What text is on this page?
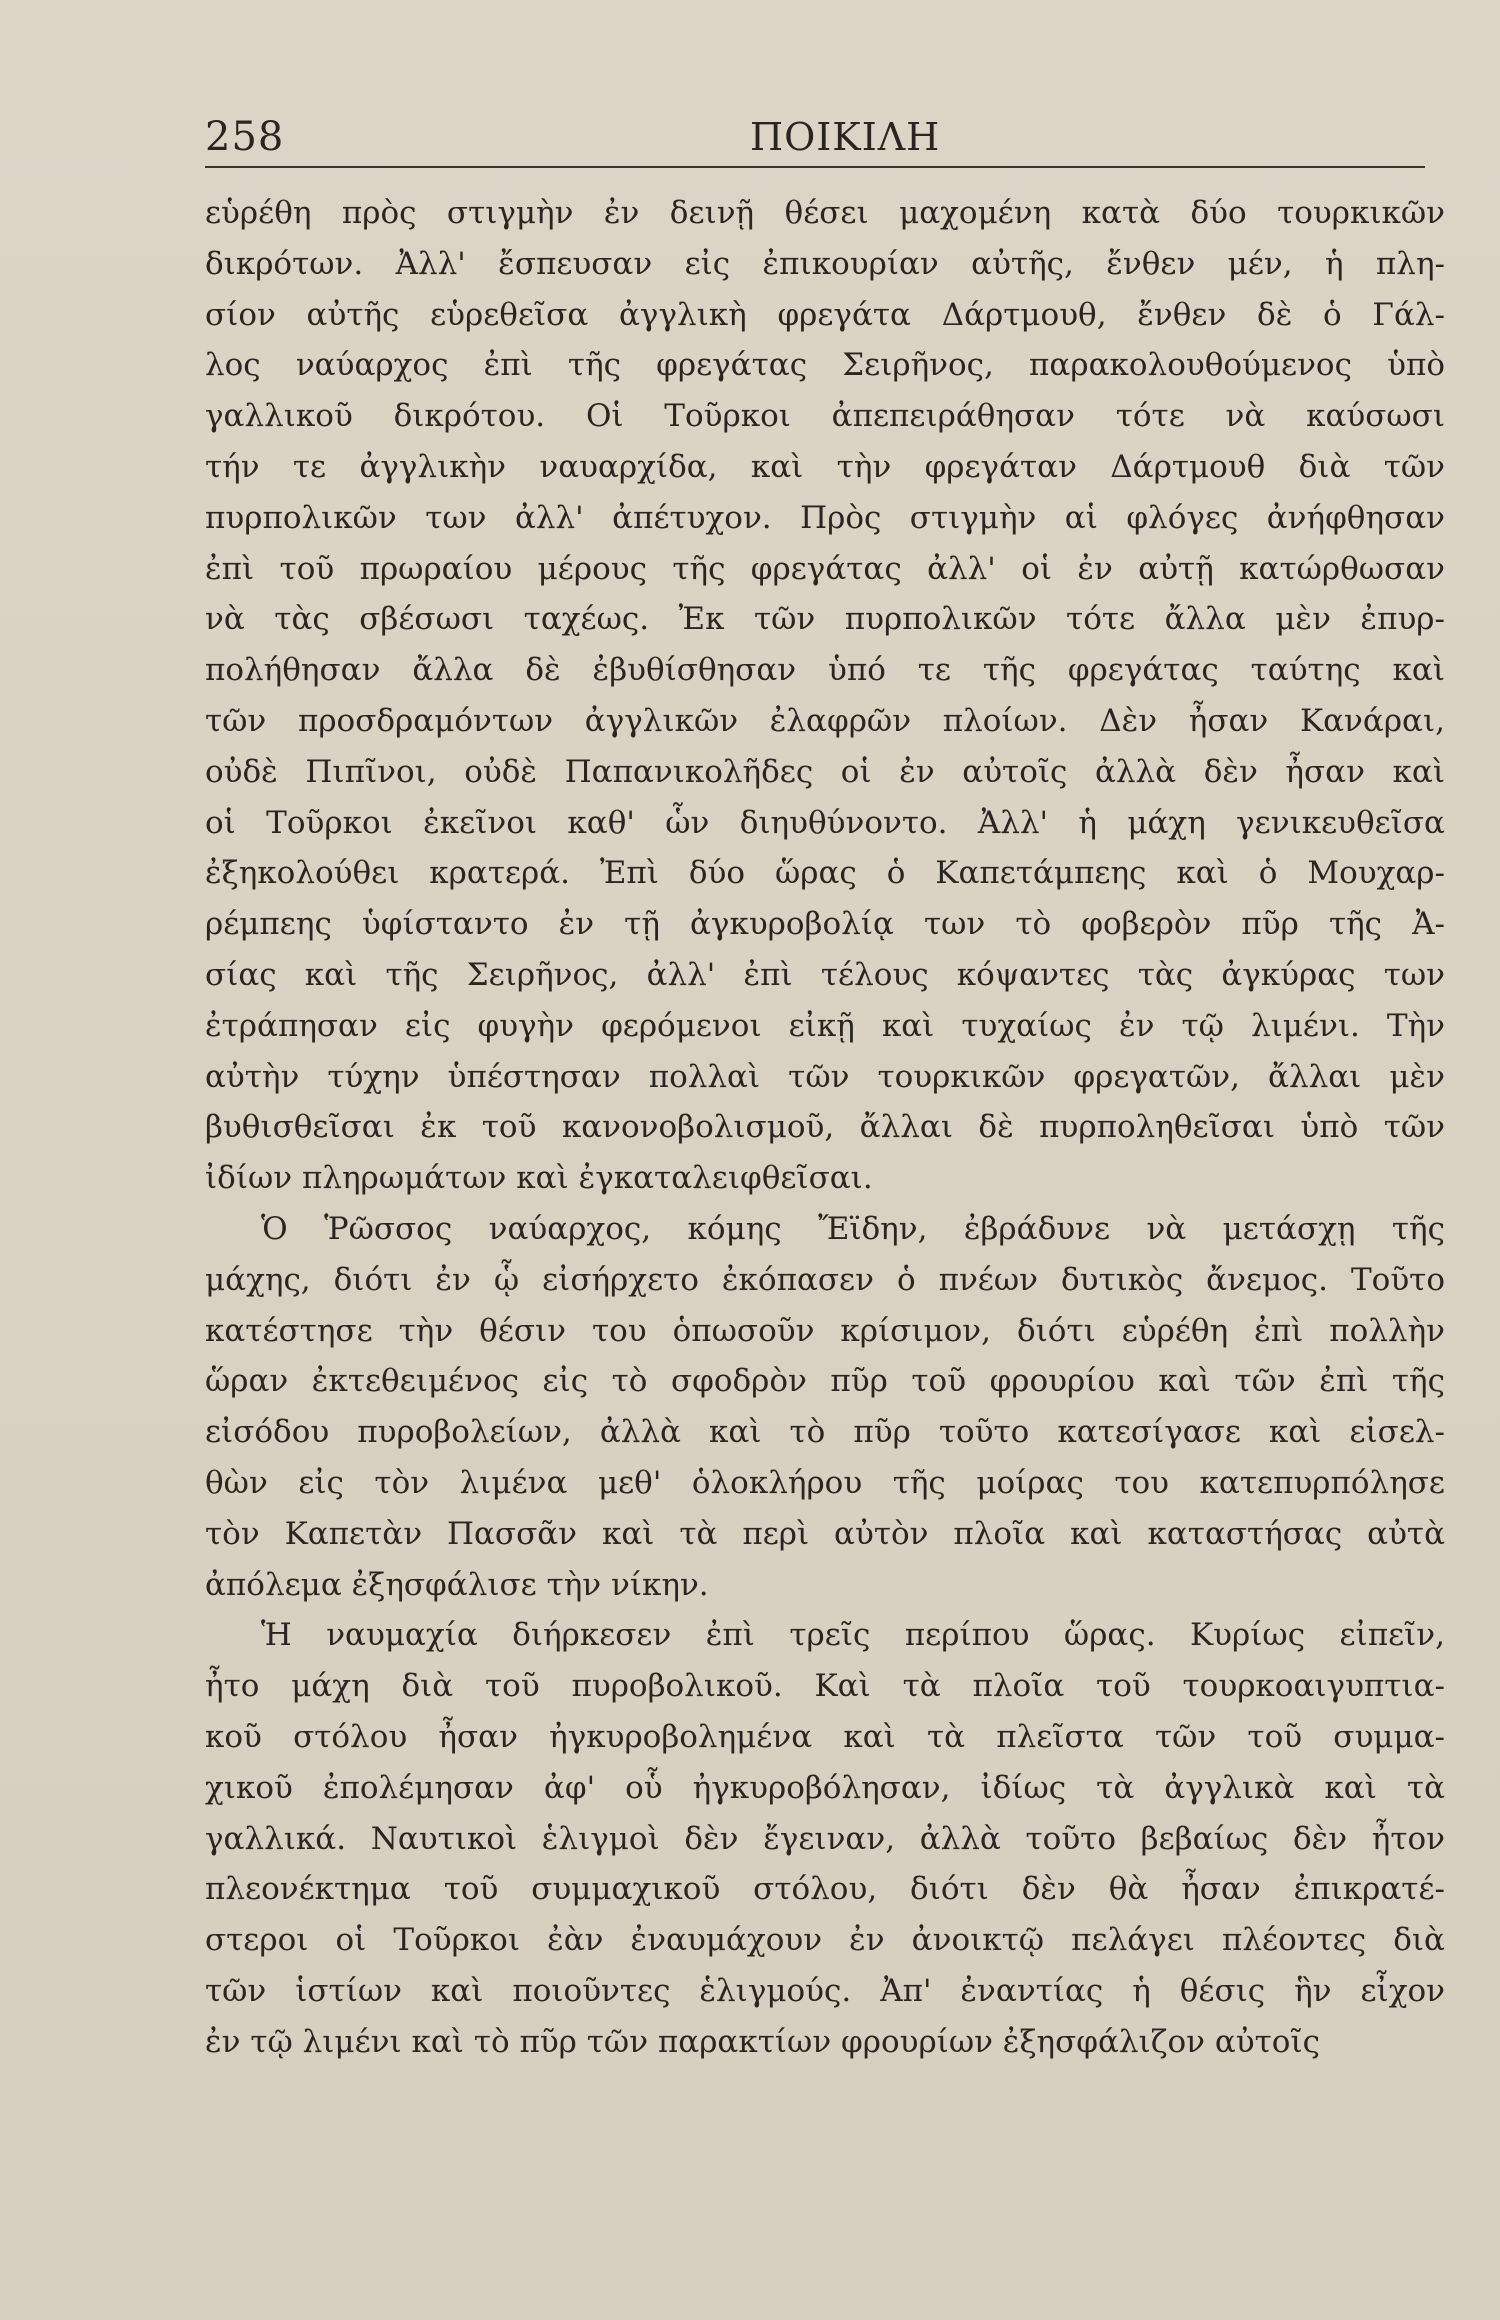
258	ΠΟΙΚΙΛΗ
εὑρέθη πρὸς στιγμὴν ἐν δεινῇ θέσει μαχομένη κατὰ δύο τουρκικῶν
δικρότων. Ἀλλ' ἔσπευσαν εἰς ἐπικουρίαν αὐτῆς, ἔνθεν μέν, ἡ πλη-
σίον αὐτῆς εὑρεθεῖσα ἀγγλικὴ φρεγάτα Δάρτμουθ, ἔνθεν δὲ ὁ Γάλ-
λος ναύαρχος ἐπὶ τῆς φρεγάτας Σειρῆνος, παρακολουθούμενος ὑπὸ
γαλλικοῦ δικρότου. Οἱ Τοῦρκοι ἀπεπειράθησαν τότε νὰ καύσωσι
τήν τε ἀγγλικὴν ναυαρχίδα, καὶ τὴν φρεγάταν Δάρτμουθ διὰ τῶν
πυρπολικῶν των ἀλλ' ἀπέτυχον. Πρὸς στιγμὴν αἱ φλόγες ἀνήφθησαν
ἐπὶ τοῦ πρωραίου μέρους τῆς φρεγάτας ἀλλ' οἱ ἐν αὐτῇ κατώρθωσαν
νὰ τὰς σβέσωσι ταχέως. Ἐκ τῶν πυρπολικῶν τότε ἄλλα μὲν ἐπυρ-
πολήθησαν ἄλλα δὲ ἐβυθίσθησαν ὑπό τε τῆς φρεγάτας ταύτης καὶ
τῶν προσδραμόντων ἀγγλικῶν ἐλαφρῶν πλοίων. Δὲν ἦσαν Κανάραι,
οὐδὲ Πιπῖνοι, οὐδὲ Παπανικολῆδες οἱ ἐν αὐτοῖς ἀλλὰ δὲν ἦσαν καὶ
οἱ Τοῦρκοι ἐκεῖνοι καθ' ὧν διηυθύνοντο. Ἀλλ' ἡ μάχη γενικευθεῖσα
ἐξηκολούθει κρατερά. Ἐπὶ δύο ὥρας ὁ Καπετάμπεης καὶ ὁ Μουχαρ-
ρέμπεης ὑφίσταντο ἐν τῇ ἀγκυροβολίᾳ των τὸ φοβερὸν πῦρ τῆς Ἀ-
σίας καὶ τῆς Σειρῆνος, ἀλλ' ἐπὶ τέλους κόψαντες τὰς ἀγκύρας των
ἐτράπησαν εἰς φυγὴν φερόμενοι εἰκῇ καὶ τυχαίως ἐν τῷ λιμένι. Τὴν
αὐτὴν τύχην ὑπέστησαν πολλαὶ τῶν τουρκικῶν φρεγατῶν, ἄλλαι μὲν
βυθισθεῖσαι ἐκ τοῦ κανονοβολισμοῦ, ἄλλαι δὲ πυρποληθεῖσαι ὑπὸ τῶν
ἰδίων πληρωμάτων καὶ ἐγκαταλειφθεῖσαι.
Ὁ Ῥῶσσος ναύαρχος, κόμης Ἔϊδην, ἐβράδυνε νὰ μετάσχῃ τῆς
μάχης, διότι ἐν ᾧ εἰσήρχετο ἐκόπασεν ὁ πνέων δυτικὸς ἄνεμος. Τοῦτο
κατέστησε τὴν θέσιν του ὁπωσοῦν κρίσιμον, διότι εὑρέθη ἐπὶ πολλὴν
ὥραν ἐκτεθειμένος εἰς τὸ σφοδρὸν πῦρ τοῦ φρουρίου καὶ τῶν ἐπὶ τῆς
εἰσόδου πυροβολείων, ἀλλὰ καὶ τὸ πῦρ τοῦτο κατεσίγασε καὶ εἰσελ-
θὼν εἰς τὸν λιμένα μεθ' ὁλοκλήρου τῆς μοίρας του κατεπυρπόλησε
τὸν Καπετὰν Πασσᾶν καὶ τὰ περὶ αὐτὸν πλοῖα καὶ καταστήσας αὐτὰ
ἀπόλεμα ἐξησφάλισε τὴν νίκην.
Ἡ ναυμαχία διήρκεσεν ἐπὶ τρεῖς περίπου ὥρας. Κυρίως εἰπεῖν,
ἦτο μάχη διὰ τοῦ πυροβολικοῦ. Καὶ τὰ πλοῖα τοῦ τουρκοαιγυπτια-
κοῦ στόλου ἦσαν ἠγκυροβολημένα καὶ τὰ πλεῖστα τῶν τοῦ συμμα-
χικοῦ ἐπολέμησαν ἀφ' οὗ ἠγκυροβόλησαν, ἰδίως τὰ ἀγγλικὰ καὶ τὰ
γαλλικά. Ναυτικοὶ ἑλιγμοὶ δὲν ἔγειναν, ἀλλὰ τοῦτο βεβαίως δὲν ἦτον
πλεονέκτημα τοῦ συμμαχικοῦ στόλου, διότι δὲν θὰ ἦσαν ἐπικρατέ-
στεροι οἱ Τοῦρκοι ἐὰν ἐναυμάχουν ἐν ἀνοικτῷ πελάγει πλέοντες διὰ
τῶν ἱστίων καὶ ποιοῦντες ἑλιγμούς. Ἀπ' ἐναντίας ἡ θέσις ἣν εἶχον
ἐν τῷ λιμένι καὶ τὸ πῦρ τῶν παρακτίων φρουρίων ἐξησφάλιζον αὐτοῖς
